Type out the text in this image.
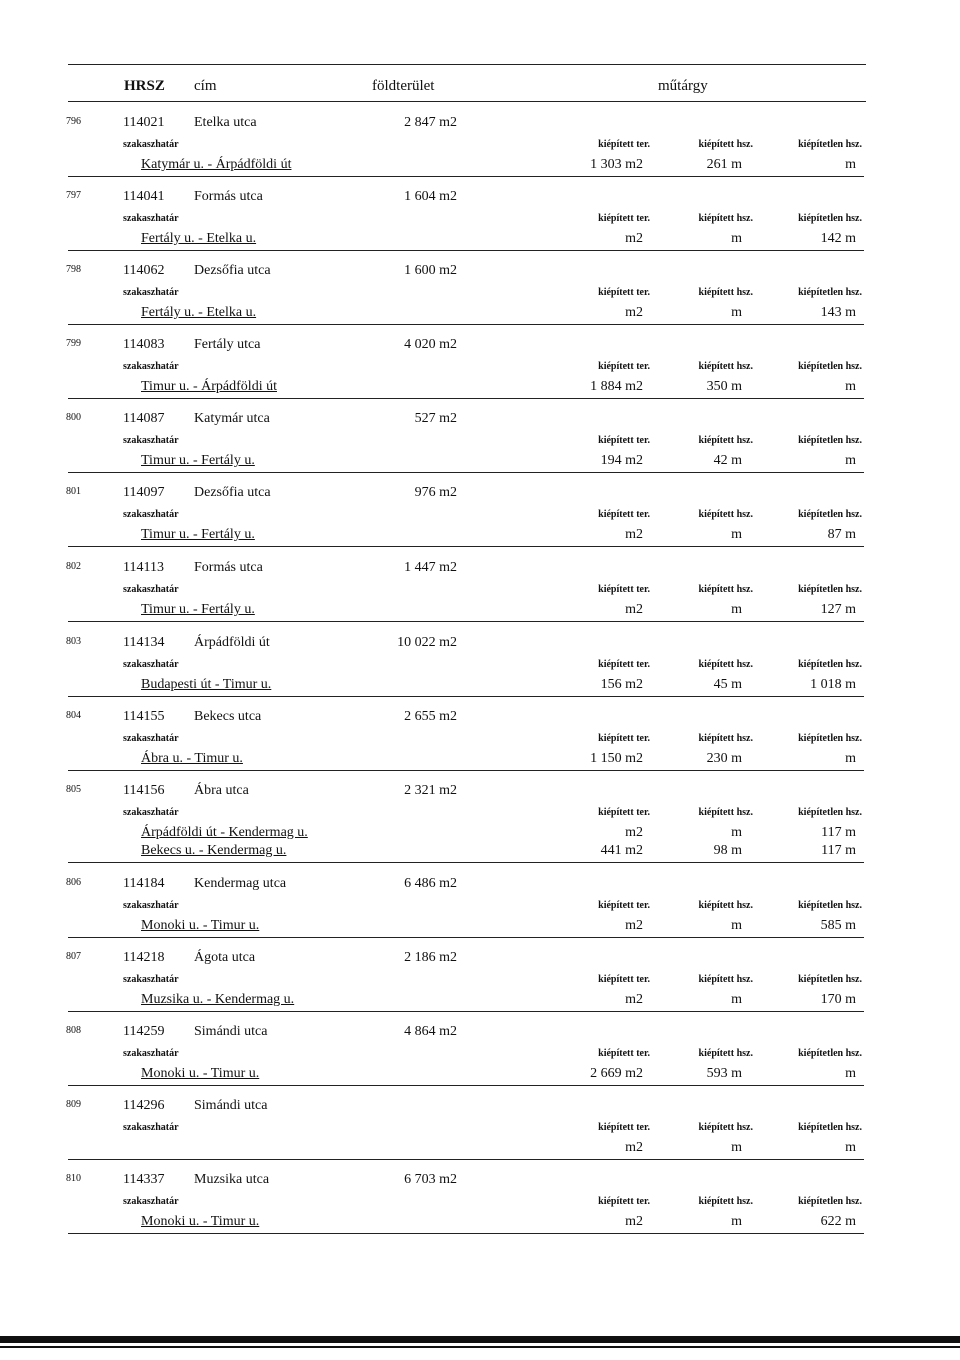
HRSZ cím	földterület	műtárgy
796	114021 Etelka utca	2 847 m2
szakaszhatár	kiépített ter.	kiépített hsz.	kiépítetlen hsz.
Katymár u. - Árpádföldi út	1 303 m2	261 m	m
797	114041 Formás utca	1 604 m2
szakaszhatár	kiépített ter.	kiépített hsz.	kiépítetlen hsz.
Fertály u. - Etelka u.	m2	m	142 m
798	114062 Dezsőfia utca	1 600 m2
szakaszhatár	kiépített ter.	kiépített hsz.	kiépítetlen hsz.
Fertály u. - Etelka u.	m2	m	143 m
799	114083 Fertály utca	4 020 m2
szakaszhatár	kiépített ter.	kiépített hsz.	kiépítetlen hsz.
Timur u. - Árpádföldi út	1 884 m2	350 m	m
800	114087 Katymár utca	527 m2
szakaszhatár	kiépített ter.	kiépített hsz.	kiépítetlen hsz.
Timur u. - Fertály u.	194 m2	42 m	m
801	114097 Dezsőfia utca	976 m2
szakaszhatár	kiépített ter.	kiépített hsz.	kiépítetlen hsz.
Timur u. - Fertály u.	m2	m	87 m
802	114113 Formás utca	1 447 m2
szakaszhatár	kiépített ter.	kiépített hsz.	kiépítetlen hsz.
Timur u. - Fertály u.	m2	m	127 m
803	114134 Árpádföldi út	10 022 m2
szakaszhatár	kiépített ter.	kiépített hsz.	kiépítetlen hsz.
Budapesti út - Timur u.	156 m2	45 m	1 018 m
804	114155 Bekecs utca	2 655 m2
szakaszhatár	kiépített ter.	kiépített hsz.	kiépítetlen hsz.
Ábra u. - Timur u.	1 150 m2	230 m	m
805	114156 Ábra utca	2 321 m2
szakaszhatár	kiépített ter.	kiépített hsz.	kiépítetlen hsz.
Árpádföldi út - Kendermag u.	m2	m	117 m
Bekecs u. - Kendermag u.	441 m2	98 m	117 m
806	114184 Kendermag utca	6 486 m2
szakaszhatár	kiépített ter.	kiépített hsz.	kiépítetlen hsz.
Monoki u. - Timur u.	m2	m	585 m
807	114218 Ágota utca	2 186 m2
szakaszhatár	kiépített ter.	kiépített hsz.	kiépítetlen hsz.
Muzsika u. - Kendermag u.	m2	m	170 m
808	114259 Simándi utca	4 864 m2
szakaszhatár	kiépített ter.	kiépített hsz.	kiépítetlen hsz.
Monoki u. - Timur u.	2 669 m2	593 m	m
809	114296 Simándi utca
szakaszhatár	kiépített ter.	kiépített hsz.	kiépítetlen hsz.
m2	m	m
810	114337 Muzsika utca	6 703 m2
szakaszhatár	kiépített ter.	kiépített hsz.	kiépítetlen hsz.
Monoki u. - Timur u.	m2	m	622 m
